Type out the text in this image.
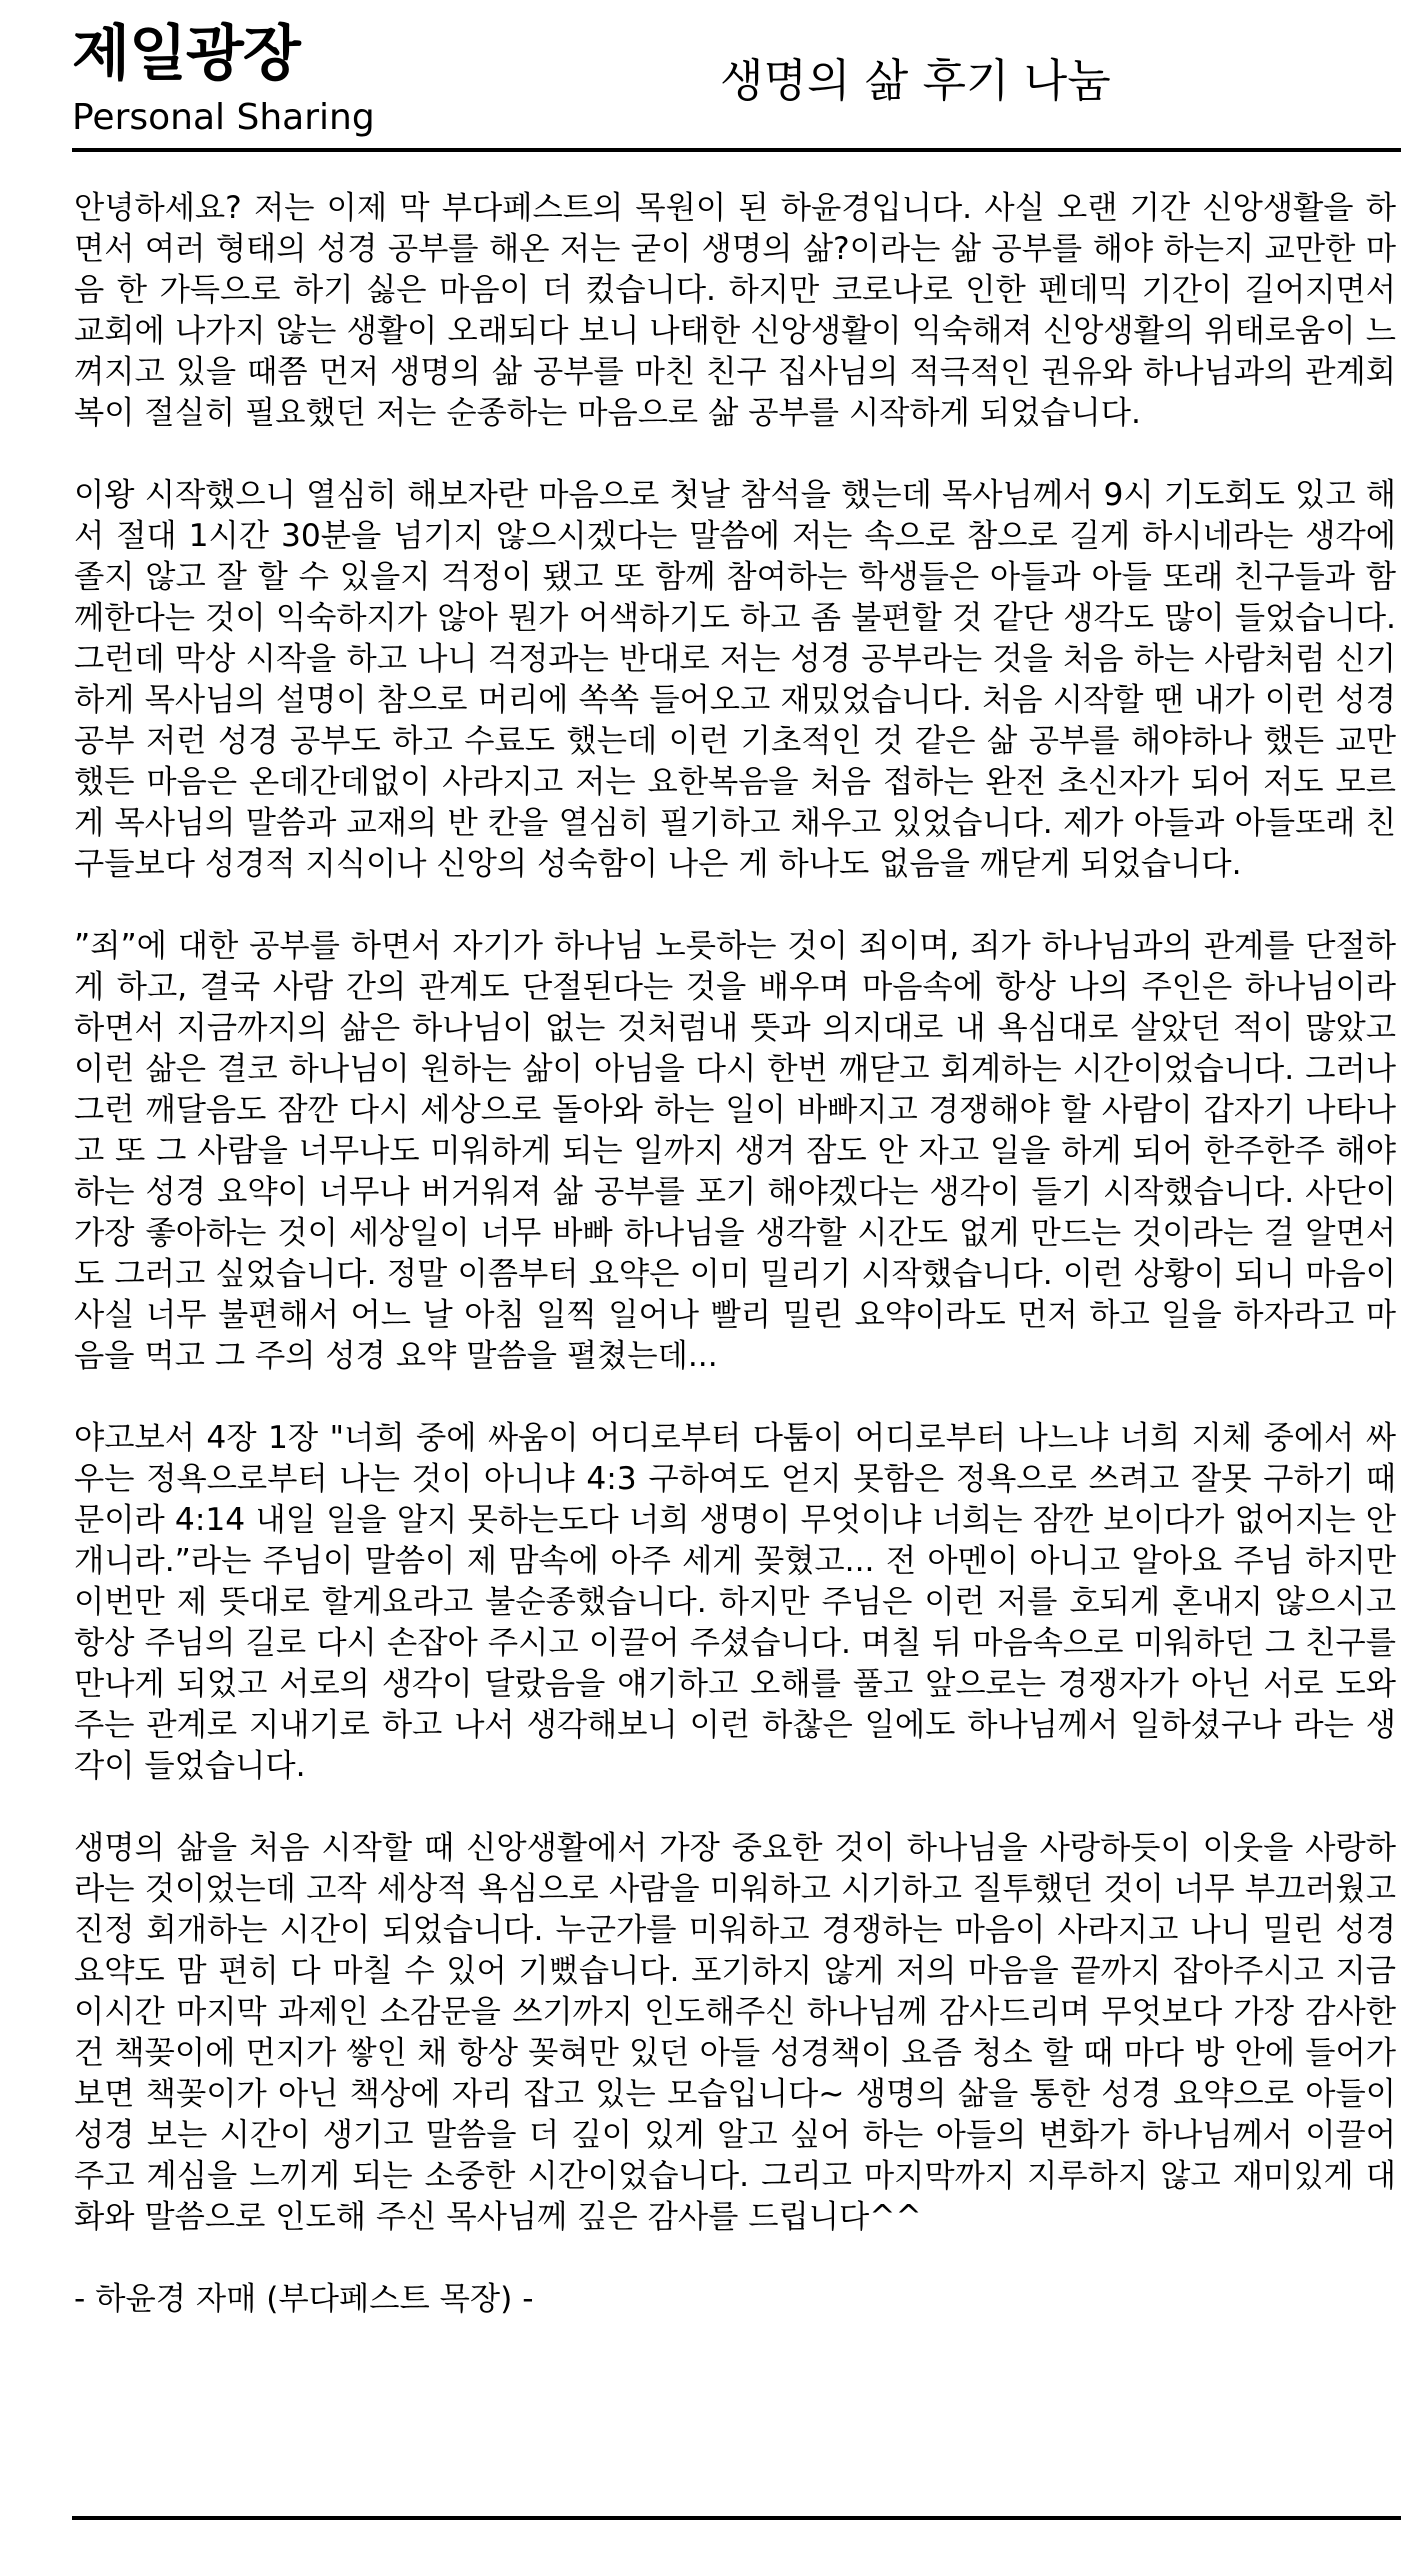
제일광장
Personal Sharing
생명의 삶 후기 나눔

안녕하세요? 저는 이제 막 부다페스트의 목원이 된 하윤경입니다. 사실 오랜 기간 신앙생활을 하면서 여러 형태의 성경 공부를 해온 저는 굳이 생명의 삶?이라는 삶 공부를 해야 하는지 교만한 마음 한 가득으로 하기 싫은 마음이 더 컸습니다. 하지만 코로나로 인한 펜데믹 기간이 길어지면서 교회에 나가지 않는 생활이 오래되다 보니 나태한 신앙생활이 익숙해져 신앙생활의 위태로움이 느껴지고 있을 때쯤 먼저 생명의 삶 공부를 마친 친구 집사님의 적극적인 권유와 하나님과의 관계회복이 절실히 필요했던 저는 순종하는 마음으로 삶 공부를 시작하게 되었습니다.

이왕 시작했으니 열심히 해보자란 마음으로 첫날 참석을 했는데 목사님께서 9시 기도회도 있고 해서 절대 1시간 30분을 넘기지 않으시겠다는 말씀에 저는 속으로 참으로 길게 하시네라는 생각에 졸지 않고 잘 할 수 있을지 걱정이 됐고 또 함께 참여하는 학생들은 아들과 아들 또래 친구들과 함께한다는 것이 익숙하지가 않아 뭔가 어색하기도 하고 좀 불편할 것 같단 생각도 많이 들었습니다. 그런데 막상 시작을 하고 나니 걱정과는 반대로 저는 성경 공부라는 것을 처음 하는 사람처럼 신기하게 목사님의 설명이 참으로 머리에 쏙쏙 들어오고 재밌었습니다. 처음 시작할 땐 내가 이런 성경 공부 저런 성경 공부도 하고 수료도 했는데 이런 기초적인 것 같은 삶 공부를 해야하나 했든 교만했든 마음은 온데간데없이 사라지고 저는 요한복음을 처음 접하는 완전 초신자가 되어 저도 모르게 목사님의 말씀과 교재의 반 칸을 열심히 필기하고 채우고 있었습니다. 제가 아들과 아들또래 친구들보다 성경적 지식이나 신앙의 성숙함이 나은 게 하나도 없음을 깨닫게 되었습니다.

”죄”에 대한 공부를 하면서 자기가 하나님 노릇하는 것이 죄이며, 죄가 하나님과의 관계를 단절하게 하고, 결국 사람 간의 관계도 단절된다는 것을 배우며 마음속에 항상 나의 주인은 하나님이라 하면서 지금까지의 삶은 하나님이 없는 것처럼내 뜻과 의지대로 내 욕심대로 살았던 적이 많았고 이런 삶은 결코 하나님이 원하는 삶이 아님을 다시 한번 깨닫고 회계하는 시간이었습니다. 그러나 그런 깨달음도 잠깐 다시 세상으로 돌아와 하는 일이 바빠지고 경쟁해야 할 사람이 갑자기 나타나고 또 그 사람을 너무나도 미워하게 되는 일까지 생겨 잠도 안 자고 일을 하게 되어 한주한주 해야하는 성경 요약이 너무나 버거워져 삶 공부를 포기 해야겠다는 생각이 들기 시작했습니다. 사단이 가장 좋아하는 것이 세상일이 너무 바빠 하나님을 생각할 시간도 없게 만드는 것이라는 걸 알면서도 그러고 싶었습니다. 정말 이쯤부터 요약은 이미 밀리기 시작했습니다. 이런 상황이 되니 마음이 사실 너무 불편해서 어느 날 아침 일찍 일어나 빨리 밀린 요약이라도 먼저 하고 일을 하자라고 마음을 먹고 그 주의 성경 요약 말씀을 펼쳤는데...

야고보서 4장 1장 "너희 중에 싸움이 어디로부터 다툼이 어디로부터 나느냐 너희 지체 중에서 싸우는 정욕으로부터 나는 것이 아니냐 4:3 구하여도 얻지 못함은 정욕으로 쓰려고 잘못 구하기 때문이라 4:14 내일 일을 알지 못하는도다 너희 생명이 무엇이냐 너희는 잠깐 보이다가 없어지는 안개니라.”라는 주님이 말씀이 제 맘속에 아주 세게 꽂혔고... 전 아멘이 아니고 알아요 주님 하지만 이번만 제 뜻대로 할게요라고 불순종했습니다. 하지만 주님은 이런 저를 호되게 혼내지 않으시고 항상 주님의 길로 다시 손잡아 주시고 이끌어 주셨습니다. 며칠 뒤 마음속으로 미워하던 그 친구를 만나게 되었고 서로의 생각이 달랐음을 얘기하고 오해를 풀고 앞으로는 경쟁자가 아닌 서로 도와주는 관계로 지내기로 하고 나서 생각해보니 이런 하찮은 일에도 하나님께서 일하셨구나 라는 생각이 들었습니다.

생명의 삶을 처음 시작할 때 신앙생활에서 가장 중요한 것이 하나님을 사랑하듯이 이웃을 사랑하라는 것이었는데 고작 세상적 욕심으로 사람을 미워하고 시기하고 질투했던 것이 너무 부끄러웠고 진정 회개하는 시간이 되었습니다. 누군가를 미워하고 경쟁하는 마음이 사라지고 나니 밀린 성경 요약도 맘 편히 다 마칠 수 있어 기뻤습니다. 포기하지 않게 저의 마음을 끝까지 잡아주시고 지금 이시간 마지막 과제인 소감문을 쓰기까지 인도해주신 하나님께 감사드리며 무엇보다 가장 감사한 건 책꽂이에 먼지가 쌓인 채 항상 꽂혀만 있던 아들 성경책이 요즘 청소 할 때 마다 방 안에 들어가 보면 책꽂이가 아닌 책상에 자리 잡고 있는 모습입니다~ 생명의 삶을 통한 성경 요약으로 아들이 성경 보는 시간이 생기고 말씀을 더 깊이 있게 알고 싶어 하는 아들의 변화가 하나님께서 이끌어 주고 계심을 느끼게 되는 소중한 시간이었습니다. 그리고 마지막까지 지루하지 않고 재미있게 대화와 말씀으로 인도해 주신 목사님께 깊은 감사를 드립니다^^

- 하윤경 자매 (부다페스트 목장) -
